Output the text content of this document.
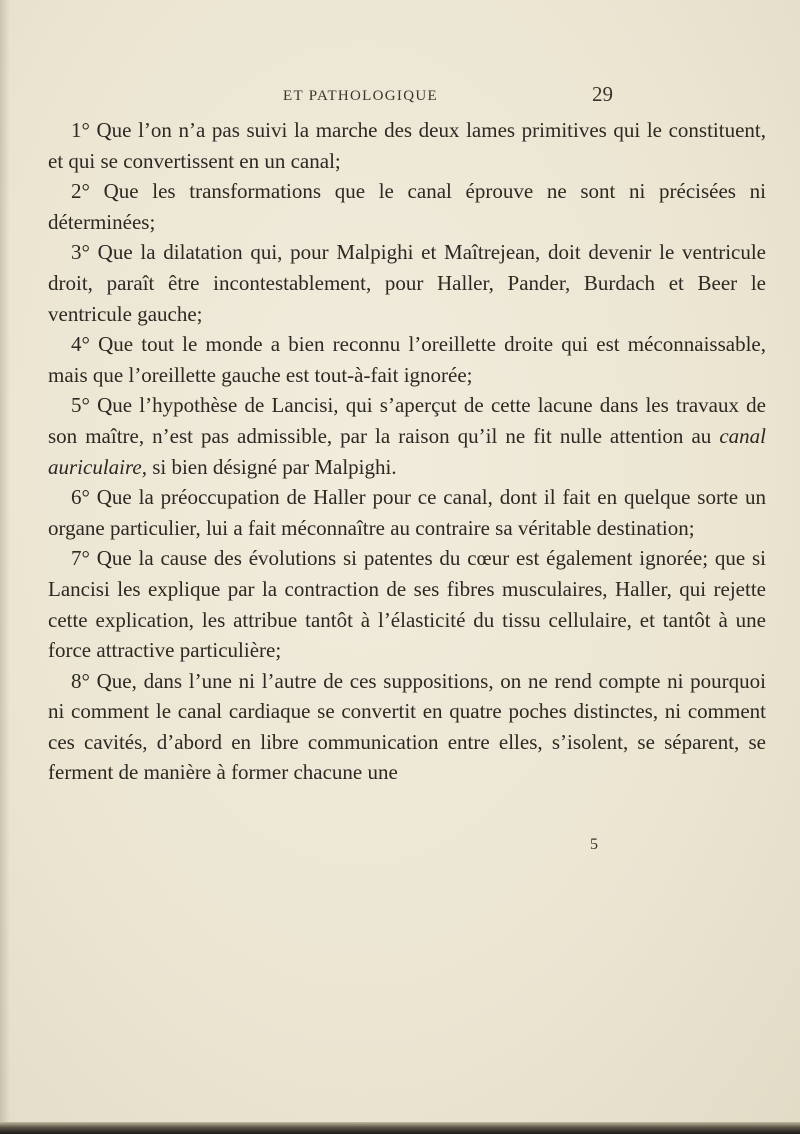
ET PATHOLOGIQUE	29

1° Que l’on n’a pas suivi la marche des deux lames primitives qui le constituent, et qui se convertissent en un canal;

2° Que les transformations que le canal éprouve ne sont ni précisées ni déterminées;

3° Que la dilatation qui, pour Malpighi et Maîtrejean, doit devenir le ventricule droit, paraît être incontestablement, pour Haller, Pander, Burdach et Beer le ventricule gauche;

4° Que tout le monde a bien reconnu l’oreillette droite qui est méconnaissable, mais que l’oreillette gauche est tout-à-fait ignorée;

5° Que l’hypothèse de Lancisi, qui s’aperçut de cette lacune dans les travaux de son maître, n’est pas admissible, par la raison qu’il ne fit nulle attention au canal auriculaire, si bien désigné par Malpighi.

6° Que la préoccupation de Haller pour ce canal, dont il fait en quelque sorte un organe particulier, lui a fait méconnaître au contraire sa véritable destination;

7° Que la cause des évolutions si patentes du cœur est également ignorée; que si Lancisi les explique par la contraction de ses fibres musculaires, Haller, qui rejette cette explication, les attribue tantôt à l’élasticité du tissu cellulaire, et tantôt à une force attractive particulière;

8° Que, dans l’une ni l’autre de ces suppositions, on ne rend compte ni pourquoi ni comment le canal cardiaque se convertit en quatre poches distinctes, ni comment ces cavités, d’abord en libre communication entre elles, s’isolent, se séparent, se ferment de manière à former chacune une

5
